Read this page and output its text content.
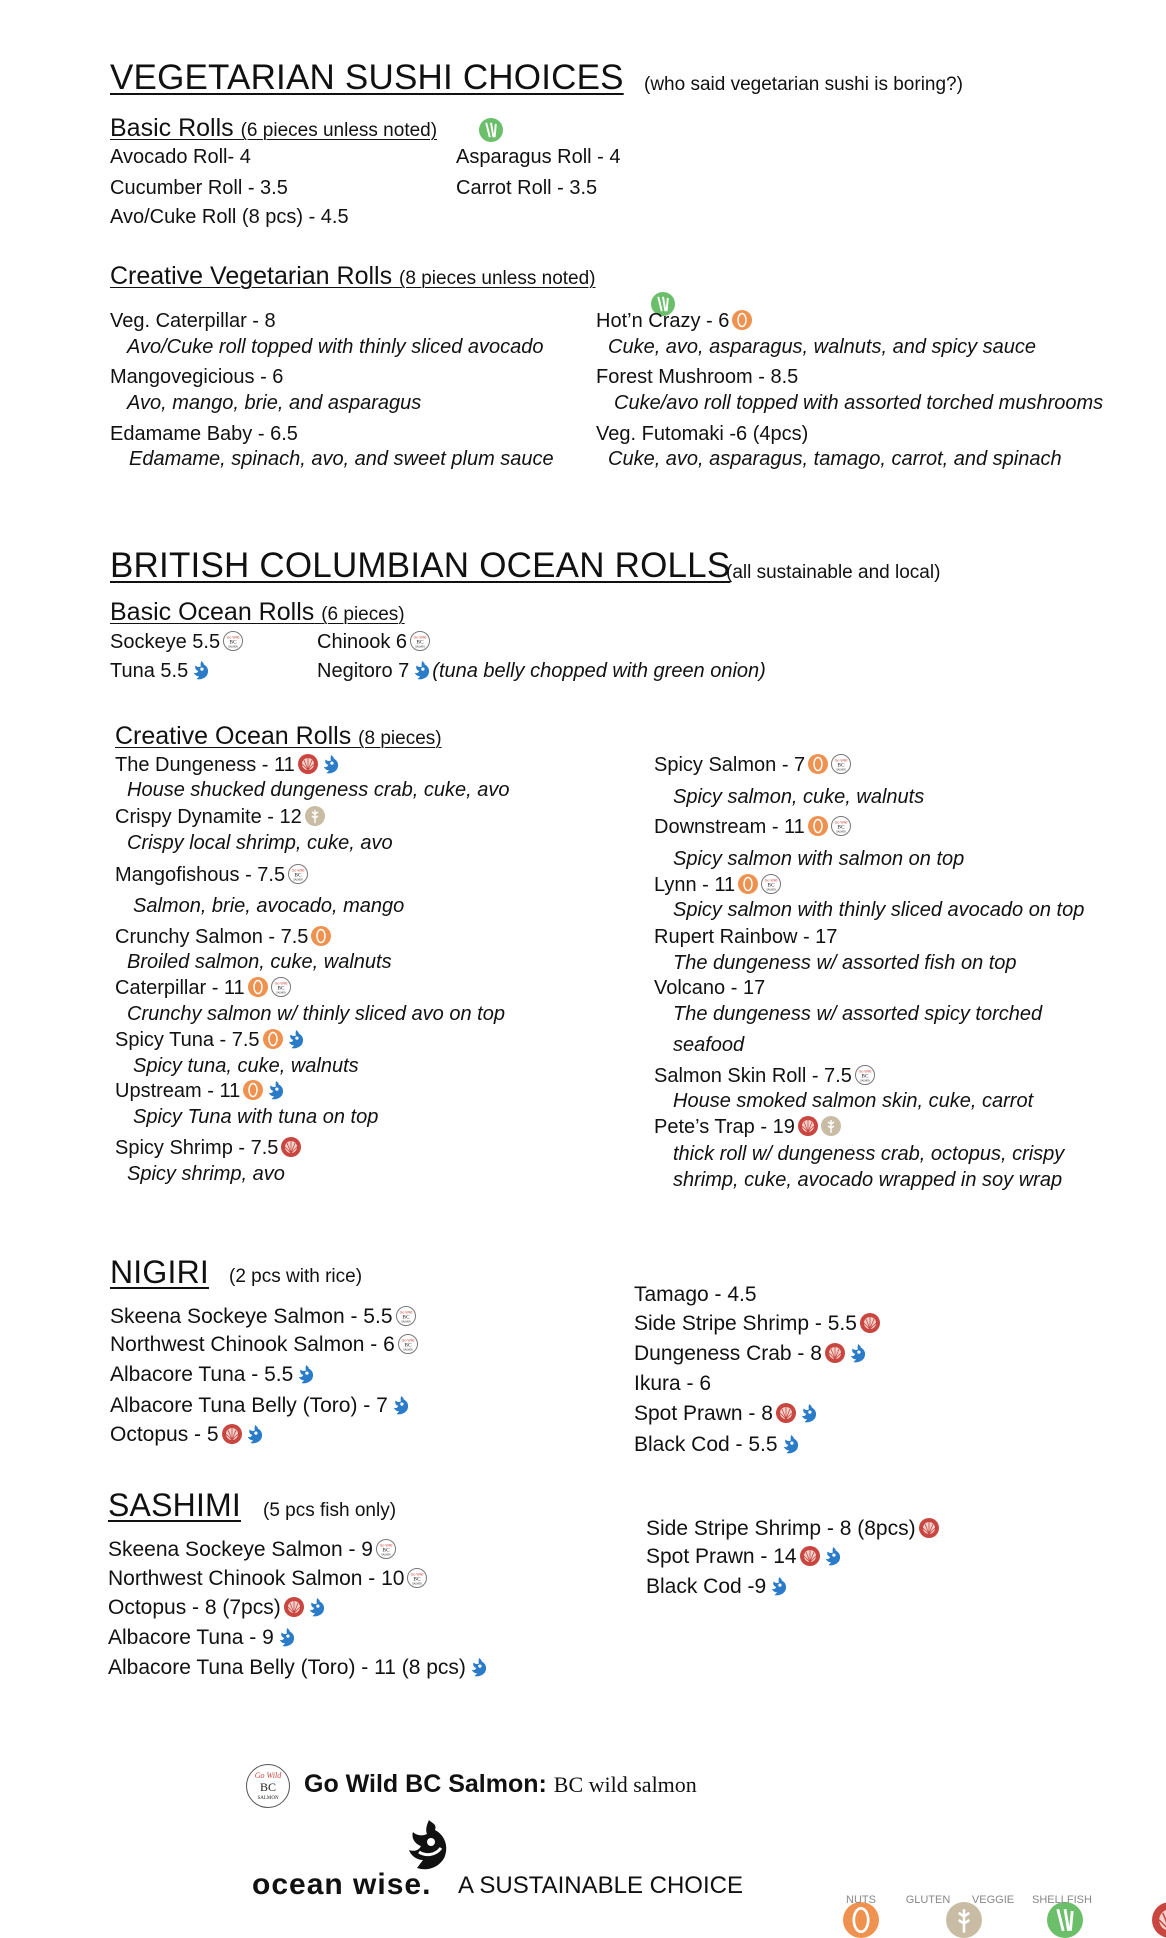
VEGETARIAN SUSHI CHOICES (who said vegetarian sushi is boring?)
Basic Rolls (6 pieces unless noted)
Creative Vegetarian Rolls (8 pieces unless noted)
BRITISH COLUMBIAN OCEAN ROLLS
(all sustainable and local)
Basic Ocean Rolls (6 pieces)
Creative Ocean Rolls (8 pieces)
NIGIRI (2 pcs with rice)
SASHIMI (5 pcs fish only)
Go Wild
BC
SALMON
Go Wild BC Salmon: BC wild salmon
ocean wise. A SUSTAINABLE CHOICE
Avocado Roll- 4	Asparagus Roll - 4
Cucumber Roll - 3.5	Carrot Roll - 3.5
Avo/Cuke Roll (8 pcs) - 4.5
Veg. Caterpillar - 8
Avo/Cuke roll topped with thinly sliced avocado
Mangovegicious - 6
Avo, mango, brie, and asparagus
Edamame Baby - 6.5
Edamame, spinach, avo, and sweet plum sauce
Hot’n Crazy - 6
Cuke, avo, asparagus, walnuts, and spicy sauce
Forest Mushroom - 8.5
Cuke/avo roll topped with assorted torched mushrooms
Veg. Futomaki -6 (4pcs)
Cuke, avo, asparagus, tamago, carrot, and spinach
Sockeye 5.5 Go Wild
BC
SALMON	Chinook 6 Go Wild
BC
SALMON
Tuna 5.5	Negitoro 7 (tuna belly chopped with green onion)
The Dungeness - 11
House shucked dungeness crab, cuke, avo
Crispy Dynamite - 12
Crispy local shrimp, cuke, avo
Mangofishous - 7.5 Go Wild
BC
SALMON
Salmon, brie, avocado, mango
Crunchy Salmon - 7.5
Broiled salmon, cuke, walnuts
Caterpillar - 11	Go Wild
BC
SALMON
Crunchy salmon w/ thinly sliced avo on top
Spicy Tuna - 7.5
Spicy tuna, cuke, walnuts
Upstream - 11
Spicy Tuna with tuna on top
Spicy Shrimp - 7.5
Spicy shrimp, avo
Spicy Salmon - 7	Go Wild
BC
SALMON
Spicy salmon, cuke, walnuts
Downstream - 11	Go Wild
BC
SALMON
Spicy salmon with salmon on top
Lynn - 11	Go Wild
BC
SALMON
Spicy salmon with thinly sliced avocado on top
Rupert Rainbow - 17
The dungeness w/ assorted fish on top
Volcano - 17
The dungeness w/ assorted spicy torched
seafood
Salmon Skin Roll - 7.5 Go Wild
BC
SALMON
House smoked salmon skin, cuke, carrot
Pete’s Trap - 19
thick roll w/ dungeness crab, octopus, crispy
shrimp, cuke, avocado wrapped in soy wrap
Skeena Sockeye Salmon - 5.5 Go Wild
BC
SALMON
Northwest Chinook Salmon - 6 Go Wild
BC
SALMON
Albacore Tuna - 5.5
Albacore Tuna Belly (Toro) - 7
Octopus - 5
Tamago - 4.5
Side Stripe Shrimp - 5.5
Dungeness Crab - 8
Ikura - 6
Spot Prawn - 8
Black Cod - 5.5
Skeena Sockeye Salmon - 9 Go Wild
BC
SALMON
Northwest Chinook Salmon - 10 Go Wild
BC
SALMON
Octopus - 8 (7pcs)
Albacore Tuna - 9
Albacore Tuna Belly (Toro) - 11 (8 pcs)
Side Stripe Shrimp - 8 (8pcs)
Spot Prawn - 14
Black Cod -9
NUTS	GLUTEN	VEGGIE	SHELLFISH
